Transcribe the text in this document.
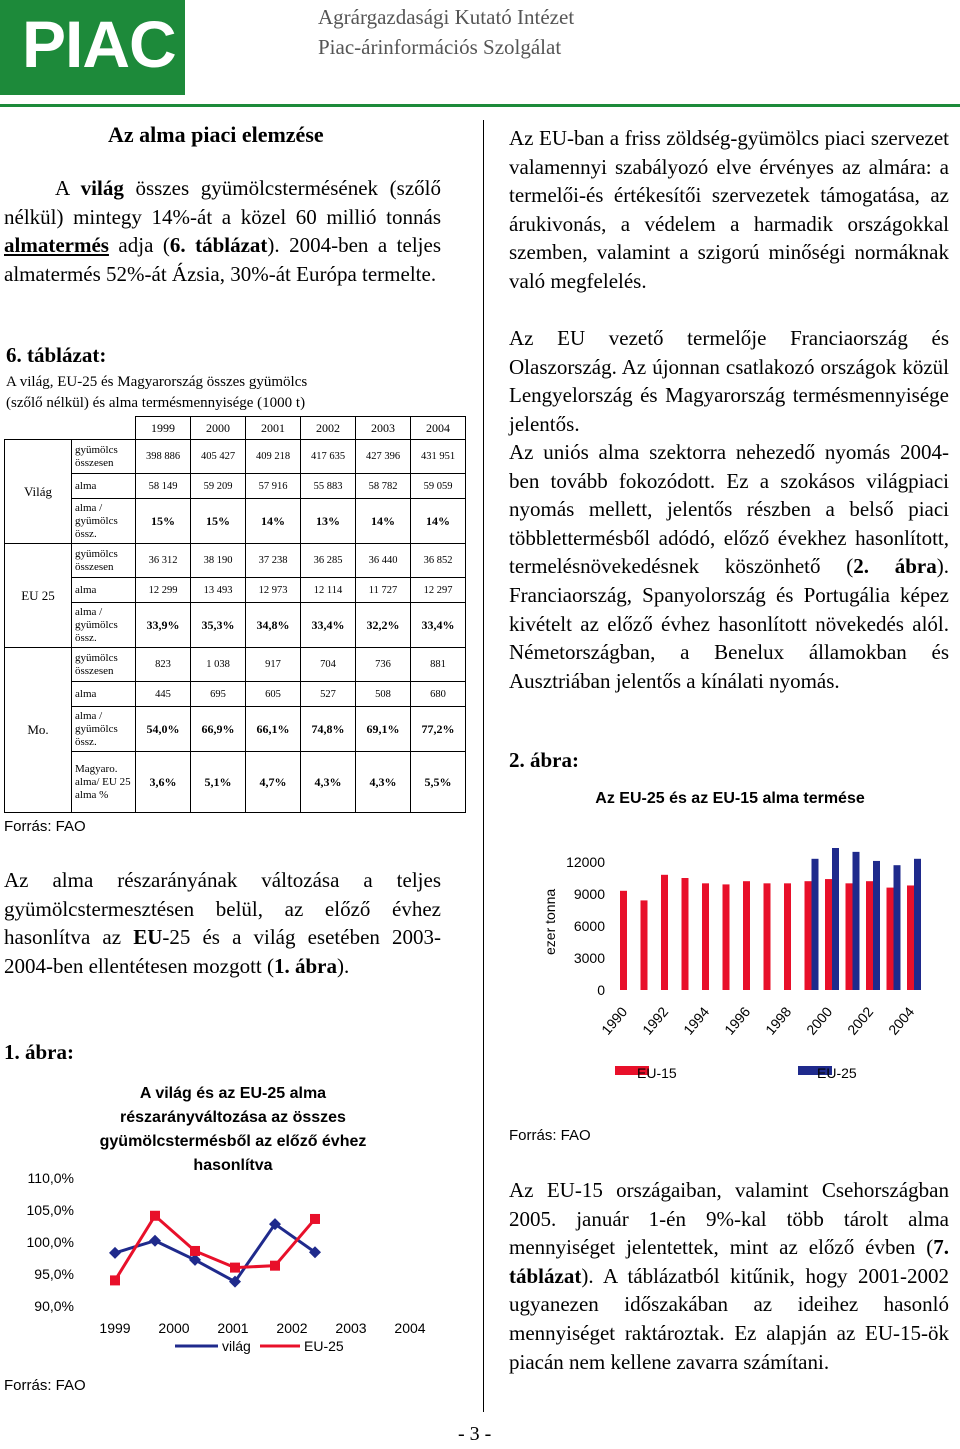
PIAC	Agrárgazdasági Kutató Intézet
Piac-árinformációs Szolgálat
Az alma piaci elemzése
A világ összes gyümölcstermésének (szőlő nélkül) mintegy 14%-át a közel 60 millió tonnás almatermés adja (6. táblázat). 2004-ben a teljes almatermés 52%-át Ázsia, 30%-át Európa termelte.
6. táblázat:
A világ, EU-25 és Magyarország összes gyümölcs
(szőlő nélkül) és alma termésmennyisége (1000 t)
		1999	2000	2001	2002	2003	2004
Világ	gyümölcs összesen	398 886	405 427	409 218	417 635	427 396	431 951
	alma	58 149	59 209	57 916	55 883	58 782	59 059
	alma / gyümölcs össz.	15%	15%	14%	13%	14%	14%
EU 25	gyümölcs összesen	36 312	38 190	37 238	36 285	36 440	36 852
	alma	12 299	13 493	12 973	12 114	11 727	12 297
	alma / gyümölcs össz.	33,9%	35,3%	34,8%	33,4%	32,2%	33,4%
Mo.	gyümölcs összesen	823	1 038	917	704	736	881
	alma	445	695	605	527	508	680
	alma / gyümölcs össz.	54,0%	66,9%	66,1%	74,8%	69,1%	77,2%
	Magyaro. alma/ EU 25 alma %	3,6%	5,1%	4,7%	4,3%	4,3%	5,5%
Forrás: FAO
Az alma részarányának változása a teljes gyümölcstermesztésen belül, az előző évhez hasonlítva az EU-25 és a világ esetében 2003-2004-ben ellentétesen mozgott (1. ábra).
1. ábra:
A világ és az EU-25 alma részarányváltozása az összes gyümölcstermésből az előző évhez hasonlítva
110,0%
105,0%
100,0%
95,0%
90,0%
1999 2000 2001 2002 2003 2004
világ	EU-25
Forrás: FAO
Az EU-ban a friss zöldség-gyümölcs piaci szervezet valamennyi szabályozó elve érvényes az almára: a termelői-és értékesítői szervezetek támogatása, az árukivonás, a védelem a harmadik országokkal szemben, valamint a szigorú minőségi normáknak való megfelelés.
Az EU vezető termelője Franciaország és Olaszország. Az újonnan csatlakozó országok közül Lengyelország és Magyarország termésmennyisége jelentős.
Az uniós alma szektorra nehezedő nyomás 2004-ben tovább fokozódott. Ez a szokásos világpiaci nyomás mellett, jelentős részben a belső piaci többlettermésből adódó, előző évekhez hasonlított, termelésnövekedésnek köszönhető (2. ábra). Franciaország, Spanyolország és Portugália képez kivételt az előző évhez hasonlított növekedés alól. Németországban, a Benelux államokban és Ausztriában jelentős a kínálati nyomás.
2. ábra:
Az EU-25 és az EU-15 alma termése
12000
9000
6000
3000
0
ezer tonna
1990 1992 1994 1996 1998 2000 2002 2004
EU-15	EU-25
Forrás: FAO
Az EU-15 országaiban, valamint Csehországban 2005. január 1-én 9%-kal több tárolt alma mennyiséget jelentettek, mint az előző évben (7. táblázat). A táblázatból kitűnik, hogy 2001-2002 ugyanezen időszakában az ideihez hasonló mennyiséget raktároztak. Ez alapján az EU-15-ök piacán nem kellene zavarra számítani.
- 3 -
